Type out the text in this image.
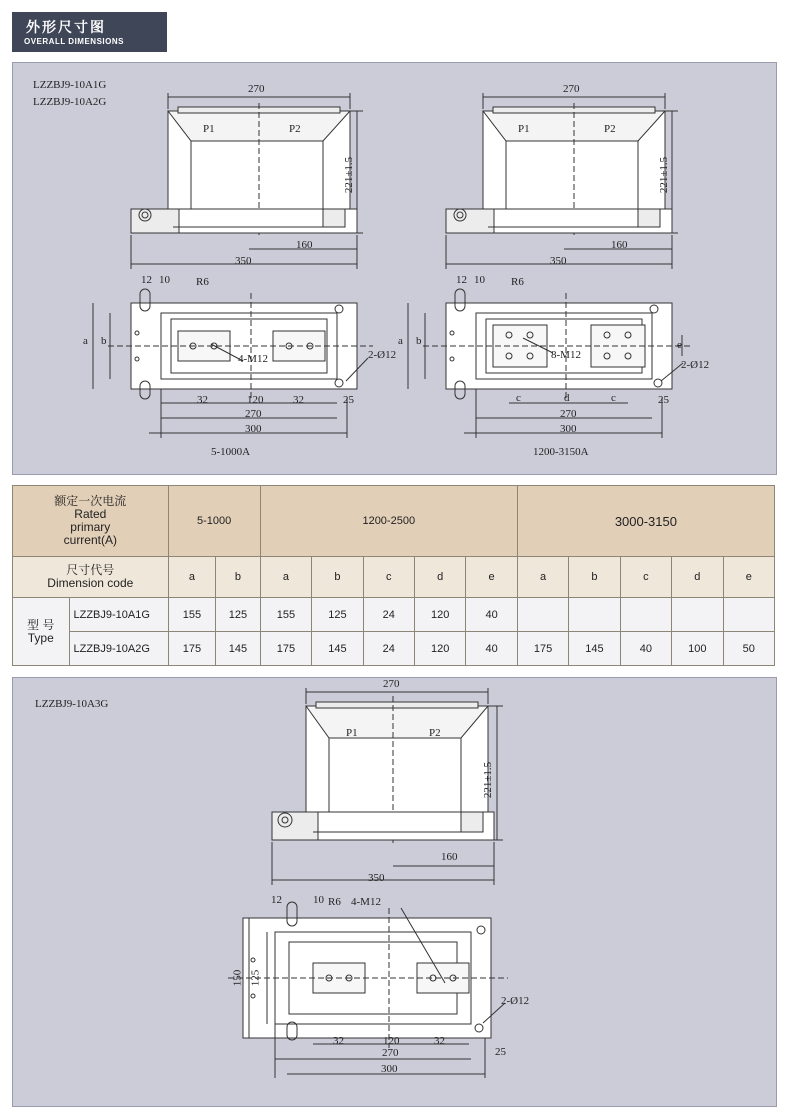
外形尺寸图
OVERALL DIMENSIONS
LZZBJ9-10A1G
LZZBJ9-10A2G
270
P1	P2
221±1.5
160
350
12 10 R6
a b
4-M12	2-Ø12
32	120	32	25
270
300
5-1000A
270
P1	P2
221±1.5
160
350
12 10 R6
a b	e
8-M12
2-Ø12
c	d	c	25
270
300
1200-3150A
额定一次电流
Rated
primary
current(A)		5-1000		1200-2500					3000-3150				

尺寸代号
Dimension code		a	b	a	b	c	d	e	a	b	c	d	e

型 号
Type	LZZBJ9-10A1G	155	125	155	125	24	120	40					
	LZZBJ9-10A2G	175	145	175	145	24	120	40	175	145	40	100	50
LZZBJ9-10A3G
270
P1	P2
221±1.5
160
350
12	10 R6 4-M12
150 125
2-Ø12
32	120	32
270	25
300
